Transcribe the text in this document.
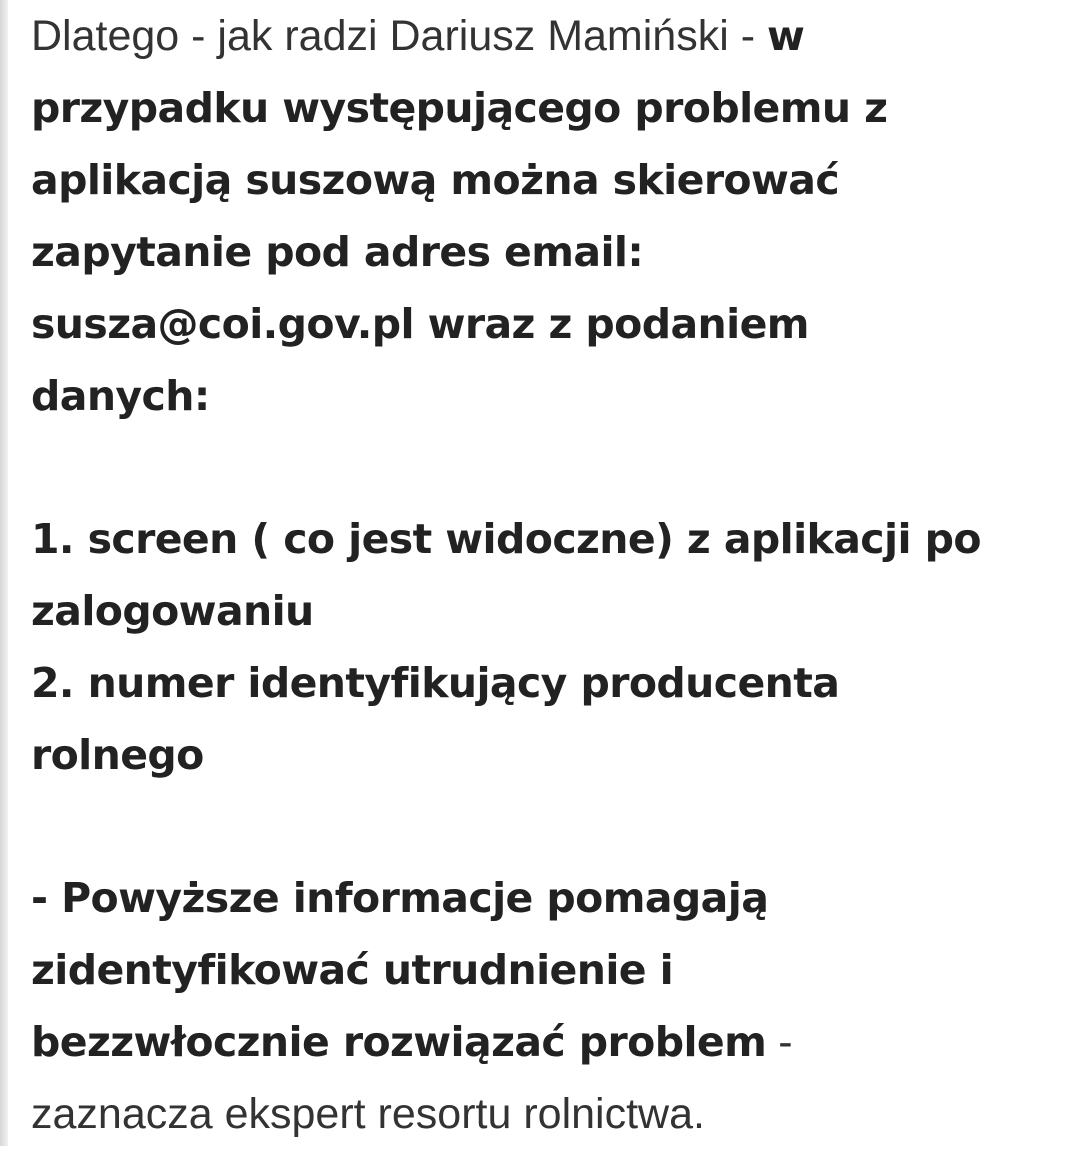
Dlatego - jak radzi Dariusz Mamiński - w
przypadku występującego problemu z
aplikacją suszową można skierować
zapytanie pod adres email:
susza@coi.gov.pl wraz z podaniem
danych:
1. screen ( co jest widoczne) z aplikacji po
zalogowaniu
2. numer identyfikujący producenta
rolnego
- Powyższe informacje pomagają
zidentyfikować utrudnienie i
bezzwłocznie rozwiązać problem -
zaznacza ekspert resortu rolnictwa.
